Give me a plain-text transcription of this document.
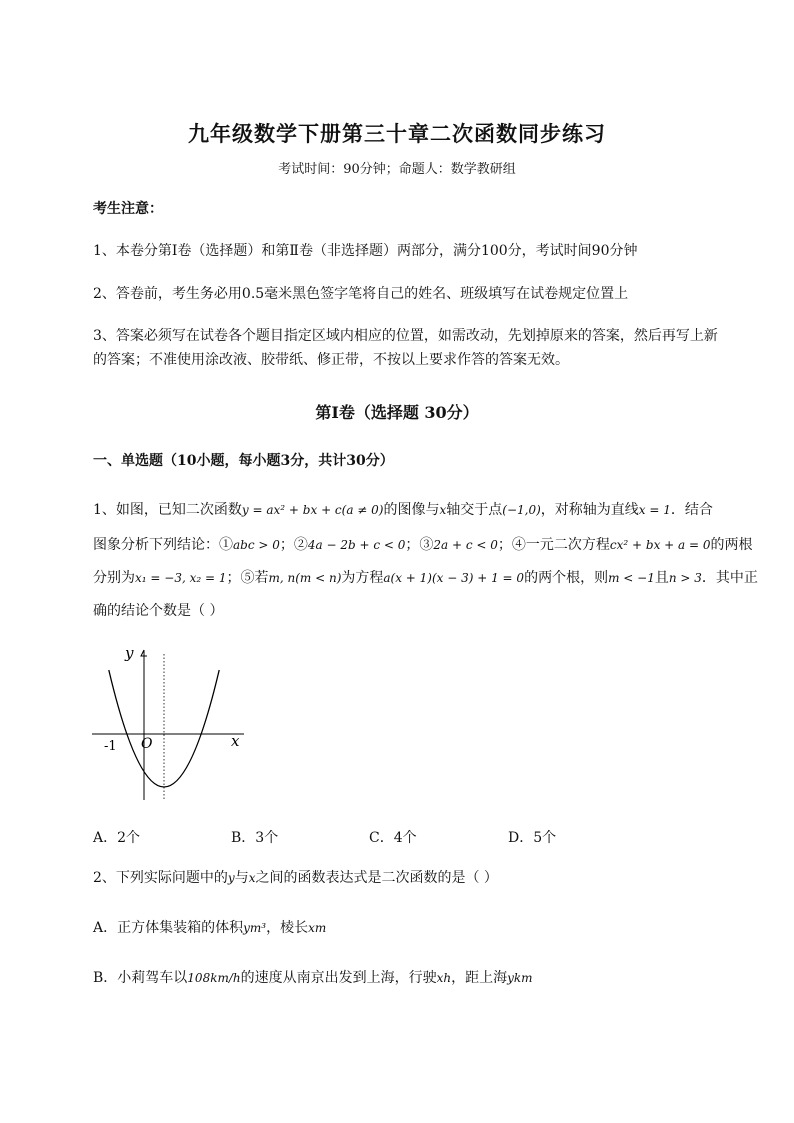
九年级数学下册第三十章二次函数同步练习
考试时间：90分钟；命题人：数学教研组
考生注意：
1、本卷分第I卷（选择题）和第Ⅱ卷（非选择题）两部分，满分100分，考试时间90分钟
2、答卷前，考生务必用0.5毫米黑色签字笔将自己的姓名、班级填写在试卷规定位置上
3、答案必须写在试卷各个题目指定区域内相应的位置，如需改动，先划掉原来的答案，然后再写上新
的答案；不准使用涂改液、胶带纸、修正带，不按以上要求作答的答案无效。
第I卷（选择题 30分）
一、单选题（10小题，每小题3分，共计30分）
1、如图，已知二次函数y = ax² + bx + c(a ≠ 0)的图像与x轴交于点(−1,0)，对称轴为直线x = 1．结合
图象分析下列结论：①abc > 0；②4a − 2b + c < 0；③2a + c < 0；④一元二次方程cx² + bx + a = 0的两根
分别为x₁ = −3, x₂ = 1；⑤若m, n(m < n)为方程a(x + 1)(x − 3) + 1 = 0的两个根，则m < −1且n > 3．其中正
确的结论个数是（ ）
y
x
O
-1
A．2个	B．3个	C．4个	D．5个
2、下列实际问题中的y与x之间的函数表达式是二次函数的是（ ）
A．正方体集装箱的体积ym³，棱长xm
B．小莉驾车以108km/h的速度从南京出发到上海，行驶xh，距上海ykm
